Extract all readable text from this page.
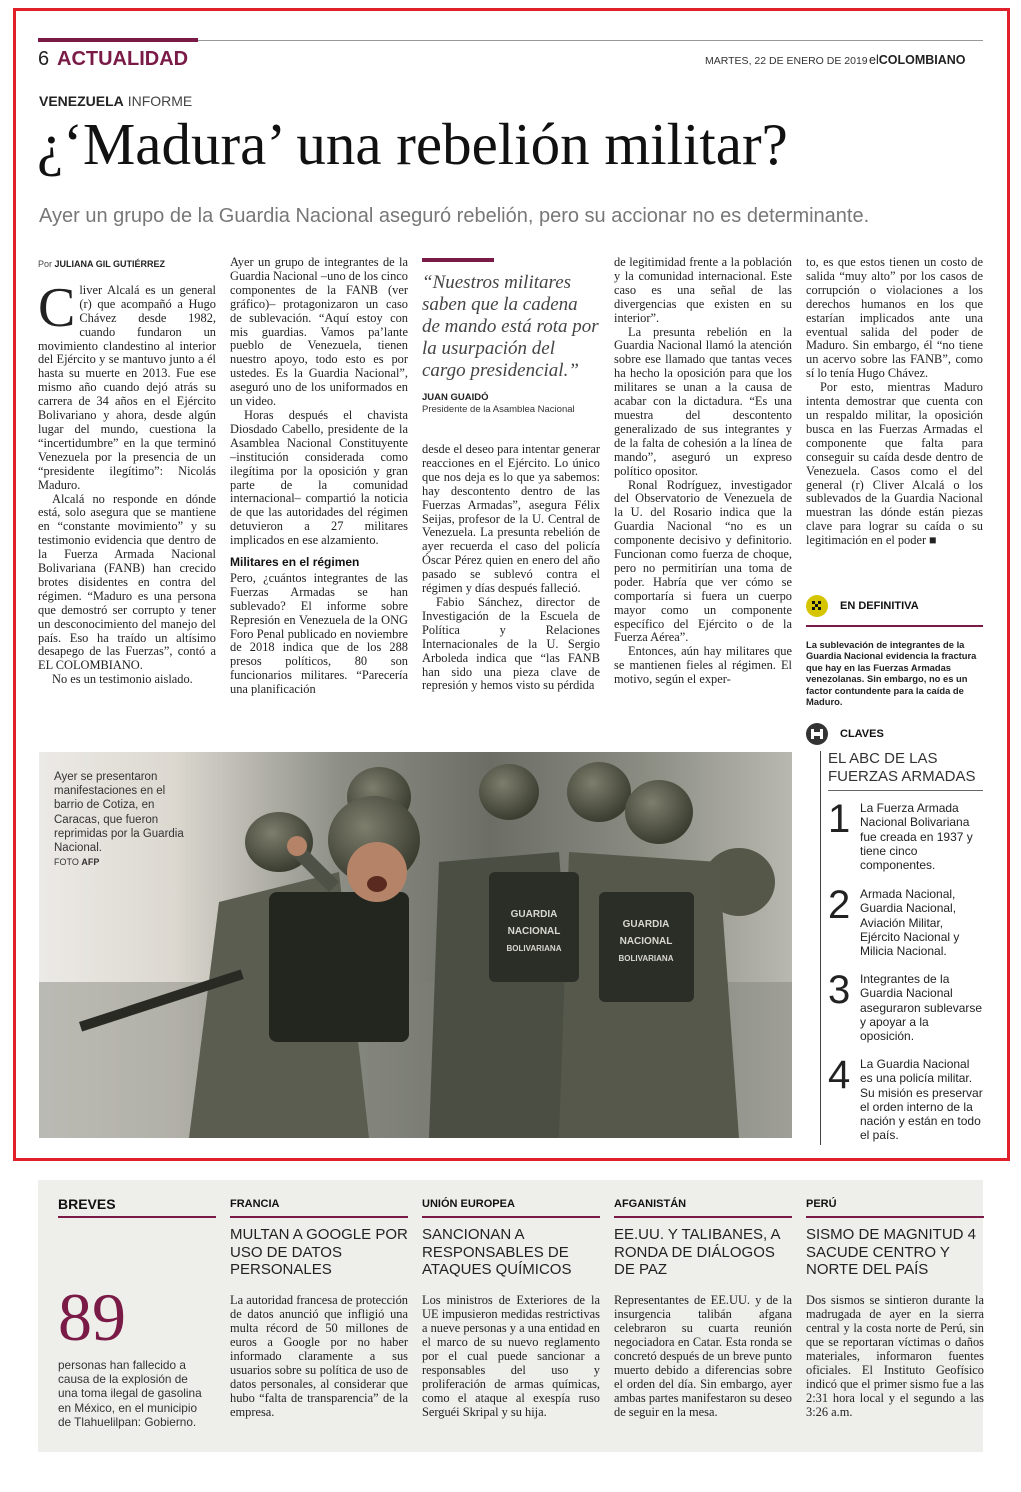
6 ACTUALIDAD	MARTES, 22 DE ENERO DE 2019 elCOLOMBIANO
VENEZUELA INFORME
¿‘Madura’ una rebelión militar?
Ayer un grupo de la Guardia Nacional aseguró rebelión, pero su accionar no es determinante.
Por JULIANA GIL GUTIÉRREZ

Cliver Alcalá es un general (r) que acompañó a Hugo Chávez desde 1982, cuando fundaron un movimiento clandestino al interior del Ejército y se mantuvo junto a él hasta su muerte en 2013. Fue ese mismo año cuando dejó atrás su carrera de 34 años en el Ejército Bolivariano y ahora, desde algún lugar del mundo, cuestiona la “incertidumbre” en la que terminó Venezuela por la presencia de un “presidente ilegítimo”: Nicolás Maduro.

Alcalá no responde en dónde está, solo asegura que se mantiene en “constante movimiento” y su testimonio evidencia que dentro de la Fuerza Armada Nacional Bolivariana (FANB) han crecido brotes disidentes en contra del régimen. “Maduro es una persona que demostró ser corrupto y tener un desconocimiento del manejo del país. Eso ha traído un altísimo desapego de las Fuerzas”, contó a EL COLOMBIANO.

No es un testimonio aislado.

Ayer un grupo de integrantes de la Guardia Nacional –uno de los cinco componentes de la FANB (ver gráfico)– protagonizaron un caso de sublevación. “Aquí estoy con mis guardias. Vamos pa’lante pueblo de Venezuela, tienen nuestro apoyo, todo esto es por ustedes. Es la Guardia Nacional”, aseguró uno de los uniformados en un video.

Horas después el chavista Diosdado Cabello, presidente de la Asamblea Nacional Constituyente –institución considerada como ilegítima por la oposición y gran parte de la comunidad internacional– compartió la noticia de que las autoridades del régimen detuvieron a 27 militares implicados en ese alzamiento.

Militares en el régimen

Pero, ¿cuántos integrantes de las Fuerzas Armadas se han sublevado? El informe sobre Represión en Venezuela de la ONG Foro Penal publicado en noviembre de 2018 indica que de los 288 presos políticos, 80 son funcionarios militares. “Parecería una planificación

“Nuestros militares saben que la cadena de mando está rota por la usurpación del cargo presidencial.”
JUAN GUAIDÓ
Presidente de la Asamblea Nacional

desde el deseo para intentar generar reacciones en el Ejército. Lo único que nos deja es lo que ya sabemos: hay descontento dentro de las Fuerzas Armadas”, asegura Félix Seijas, profesor de la U. Central de Venezuela. La presunta rebelión de ayer recuerda el caso del policía Óscar Pérez quien en enero del año pasado se sublevó contra el régimen y días después falleció.

Fabio Sánchez, director de Investigación de la Escuela de Política y Relaciones Internacionales de la U. Sergio Arboleda indica que “las FANB han sido una pieza clave de represión y hemos visto su pérdida

de legitimidad frente a la población y la comunidad internacional. Este caso es una señal de las divergencias que existen en su interior”.

La presunta rebelión en la Guardia Nacional llamó la atención sobre ese llamado que tantas veces ha hecho la oposición para que los militares se unan a la causa de acabar con la dictadura. “Es una muestra del descontento generalizado de sus integrantes y de la falta de cohesión a la línea de mando”, aseguró un expreso político opositor.

Ronal Rodríguez, investigador del Observatorio de Venezuela de la U. del Rosario indica que la Guardia Nacional “no es un componente decisivo y definitorio. Funcionan como fuerza de choque, pero no permitirían una toma de poder. Habría que ver cómo se comportaría si fuera un cuerpo mayor como un componente específico del Ejército o de la Fuerza Aérea”.

Entonces, aún hay militares que se mantienen fieles al régimen. El motivo, según el exper-

to, es que estos tienen un costo de salida “muy alto” por los casos de corrupción o violaciones a los derechos humanos en los que estarían implicados ante una eventual salida del poder de Maduro. Sin embargo, él “no tiene un acervo sobre las FANB”, como sí lo tenía Hugo Chávez.

Por esto, mientras Maduro intenta demostrar que cuenta con un respaldo militar, la oposición busca en las Fuerzas Armadas el componente que falta para conseguir su caída desde dentro de Venezuela. Casos como el del general (r) Cliver Alcalá o los sublevados de la Guardia Nacional muestran las dónde están piezas clave para lograr su caída o su legitimación en el poder ■

EN DEFINITIVA
La sublevación de integrantes de la Guardia Nacional evidencia la fractura que hay en las Fuerzas Armadas venezolanas. Sin embargo, no es un factor contundente para la caída de Maduro.
CLAVES
EL ABC DE LAS FUERZAS ARMADAS
1 La Fuerza Armada Nacional Bolivariana fue creada en 1937 y tiene cinco componentes.
2 Armada Nacional, Guardia Nacional, Aviación Militar, Ejército Nacional y Milicia Nacional.
3 Integrantes de la Guardia Nacional aseguraron sublevarse y apoyar a la oposición.
4 La Guardia Nacional es una policía militar. Su misión es preservar el orden interno de la nación y están en todo el país.
GUARDIA
NACIONAL
BOLIVARIANA
GUARDIA
NACIONAL
BOLIVARIANA
Ayer se presentaron manifestaciones en el barrio de Cotiza, en Caracas, que fueron reprimidas por la Guardia Nacional.
FOTO AFP
BREVES
89
personas han fallecido a causa de la explosión de una toma ilegal de gasolina en México, en el municipio de Tlahuelilpan: Gobierno.
FRANCIA
MULTAN A GOOGLE POR USO DE DATOS PERSONALES
La autoridad francesa de protección de datos anunció que infligió una multa récord de 50 millones de euros a Google por no haber informado claramente a sus usuarios sobre su política de uso de datos personales, al considerar que hubo “falta de transparencia” de la empresa.
UNIÓN EUROPEA
SANCIONAN A RESPONSABLES DE ATAQUES QUÍMICOS
Los ministros de Exteriores de la UE impusieron medidas restrictivas a nueve personas y a una entidad en el marco de su nuevo reglamento por el cual puede sancionar a responsables del uso y proliferación de armas químicas, como el ataque al exespía ruso Serguéi Skripal y su hija.
AFGANISTÁN
EE.UU. Y TALIBANES, A RONDA DE DIÁLOGOS DE PAZ
Representantes de EE.UU. y de la insurgencia talibán afgana celebraron su cuarta reunión negociadora en Catar. Esta ronda se concretó después de un breve punto muerto debido a diferencias sobre el orden del día. Sin embargo, ayer ambas partes manifestaron su deseo de seguir en la mesa.
PERÚ
SISMO DE MAGNITUD 4 SACUDE CENTRO Y NORTE DEL PAÍS
Dos sismos se sintieron durante la madrugada de ayer en la sierra central y la costa norte de Perú, sin que se reportaran víctimas o daños materiales, informaron fuentes oficiales. El Instituto Geofísico indicó que el primer sismo fue a las 2:31 hora local y el segundo a las 3:26 a.m.
